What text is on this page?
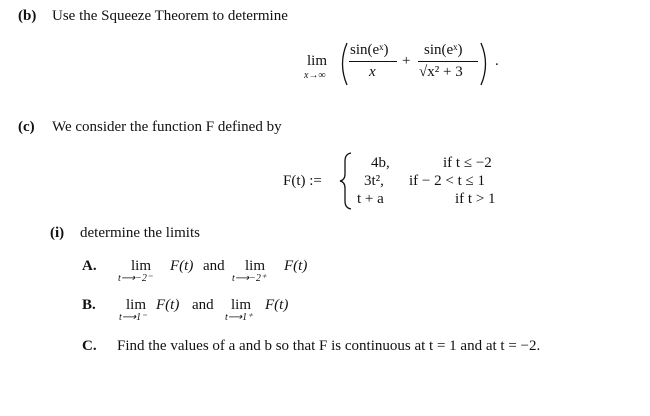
(b) Use the Squeeze Theorem to determine
lim
x→∞
sin(eˣ)
x
+
sin(eˣ)
√x² + 3
.
(c) We consider the function F defined by
F(t) :=
4b,	if t ≤ −2
3t², if − 2 < t ≤ 1
t + a	if t > 1
(i) determine the limits
A. lim
t⟶−2⁻
F(t) and lim
t⟶−2⁺
F(t)
B. lim
t⟶1⁻
F(t) and lim
t⟶1⁺
F(t)
C. Find the values of a and b so that F is continuous at t = 1 and at t = −2.
